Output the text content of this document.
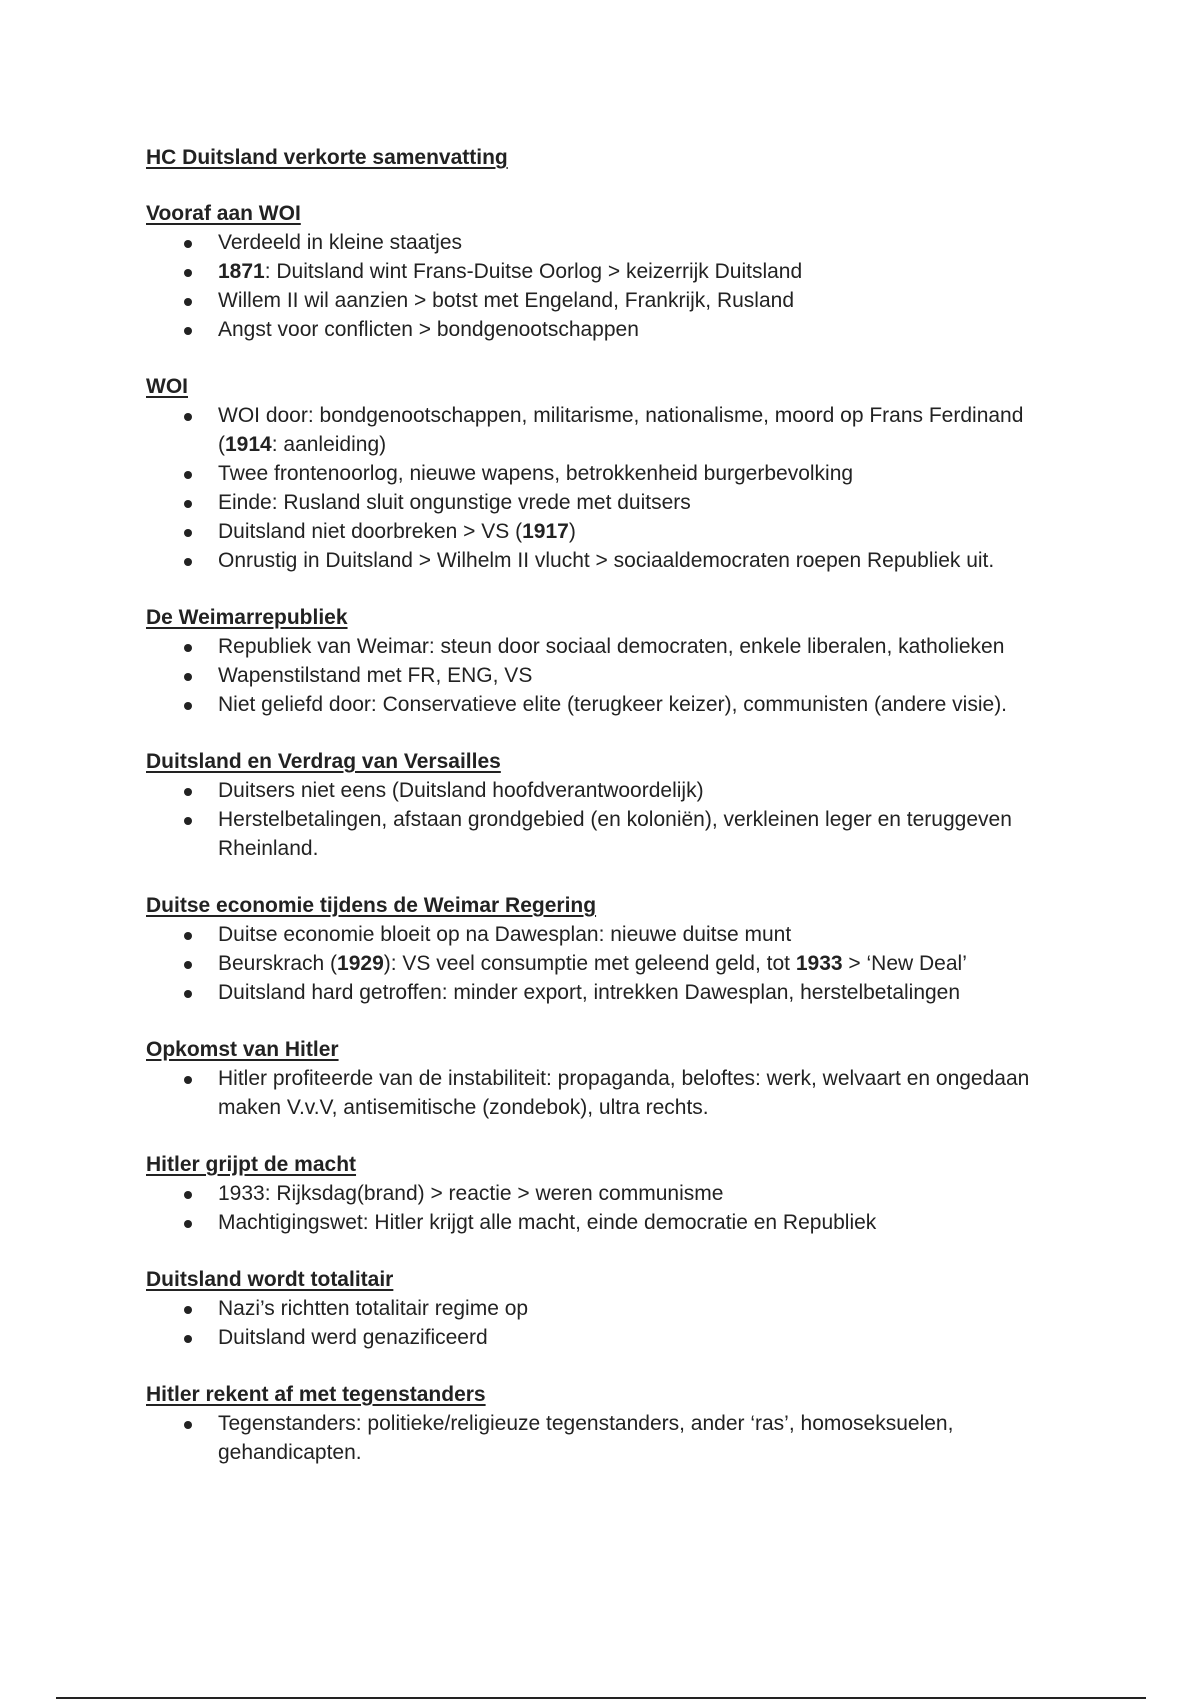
HC Duitsland verkorte samenvatting
Vooraf aan WOI
Verdeeld in kleine staatjes
1871: Duitsland wint Frans-Duitse Oorlog > keizerrijk Duitsland
Willem II wil aanzien > botst met Engeland, Frankrijk, Rusland
Angst voor conflicten > bondgenootschappen
WOI
WOI door: bondgenootschappen, militarisme, nationalisme, moord op Frans Ferdinand (1914: aanleiding)
Twee frontenoorlog, nieuwe wapens, betrokkenheid burgerbevolking
Einde: Rusland sluit ongunstige vrede met duitsers
Duitsland niet doorbreken > VS (1917)
Onrustig in Duitsland > Wilhelm II vlucht > sociaaldemocraten roepen Republiek uit.
De Weimarrepubliek
Republiek van Weimar: steun door sociaal democraten, enkele liberalen, katholieken
Wapenstilstand met FR, ENG, VS
Niet geliefd door: Conservatieve elite (terugkeer keizer), communisten (andere visie).
Duitsland en Verdrag van Versailles
Duitsers niet eens (Duitsland hoofdverantwoordelijk)
Herstelbetalingen, afstaan grondgebied (en koloniën), verkleinen leger en teruggeven Rheinland.
Duitse economie tijdens de Weimar Regering
Duitse economie bloeit op na Dawesplan: nieuwe duitse munt
Beurskrach (1929): VS veel consumptie met geleend geld, tot 1933 > ‘New Deal’
Duitsland hard getroffen: minder export, intrekken Dawesplan, herstelbetalingen
Opkomst van Hitler
Hitler profiteerde van de instabiliteit: propaganda, beloftes: werk, welvaart en ongedaan maken V.v.V, antisemitische (zondebok), ultra rechts.
Hitler grijpt de macht
1933: Rijksdag(brand) > reactie > weren communisme
Machtigingswet: Hitler krijgt alle macht, einde democratie en Republiek
Duitsland wordt totalitair
Nazi’s richtten totalitair regime op
Duitsland werd genazificeerd
Hitler rekent af met tegenstanders
Tegenstanders: politieke/religieuze tegenstanders, ander ‘ras’, homoseksuelen, gehandicapten.
